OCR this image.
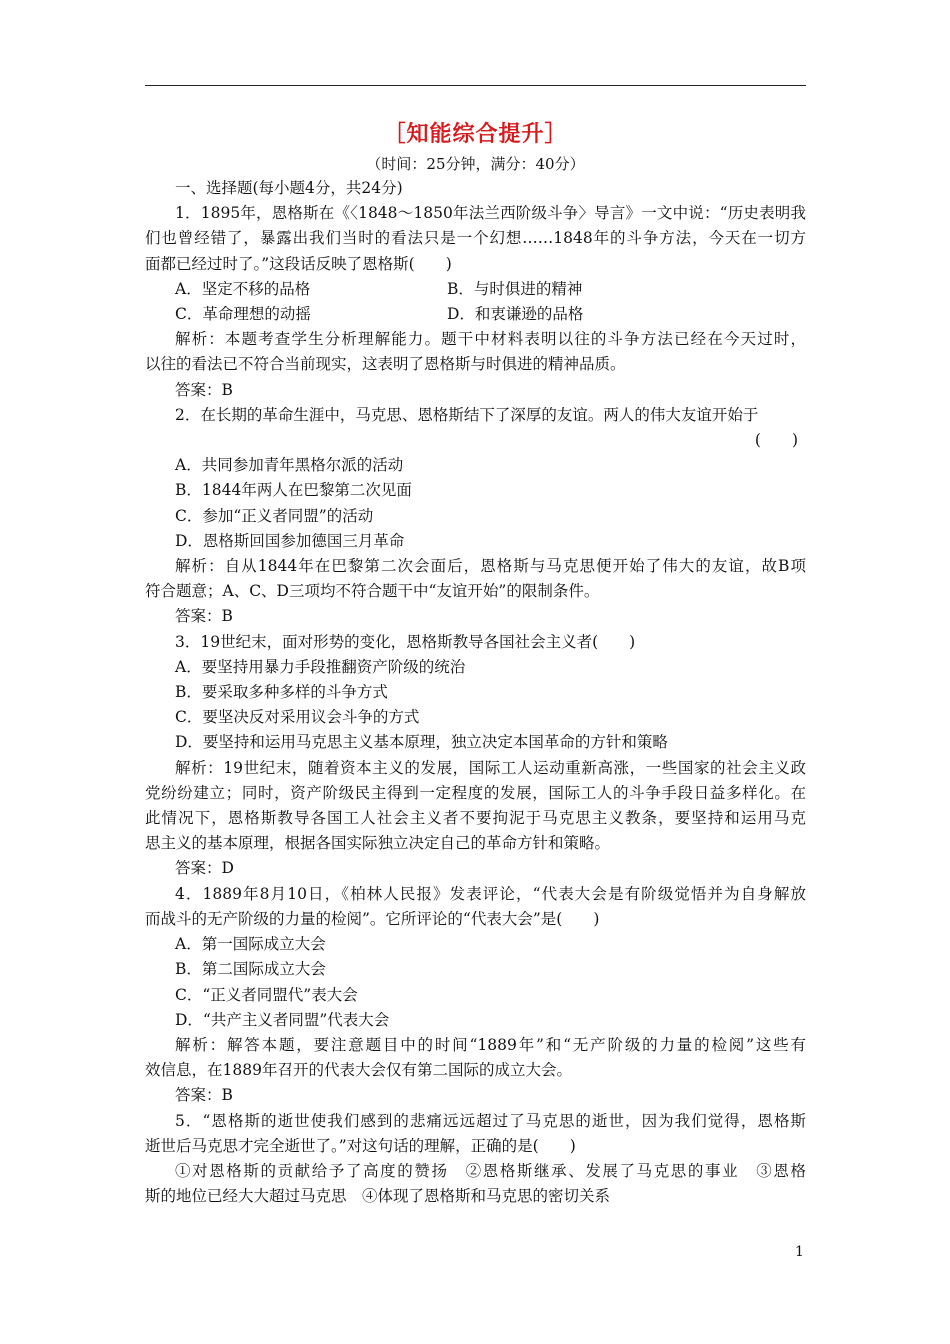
［知能综合提升］
（时间：25分钟，满分：40分）
一、选择题(每小题4分，共24分)
1．1895年，恩格斯在《〈1848～1850年法兰西阶级斗争〉导言》一文中说：“历史表明我
们也曾经错了，暴露出我们当时的看法只是一个幻想……1848年的斗争方法，今天在一切方
面都已经过时了。”这段话反映了恩格斯(　　)
A．坚定不移的品格	B．与时俱进的精神
C．革命理想的动摇	D．和衷谦逊的品格
解析：本题考查学生分析理解能力。题干中材料表明以往的斗争方法已经在今天过时，
以往的看法已不符合当前现实，这表明了恩格斯与时俱进的精神品质。
答案：B
2．在长期的革命生涯中，马克思、恩格斯结下了深厚的友谊。两人的伟大友谊开始于
(　　)
A．共同参加青年黑格尔派的活动
B．1844年两人在巴黎第二次见面
C．参加“正义者同盟”的活动
D．恩格斯回国参加德国三月革命
解析：自从1844年在巴黎第二次会面后，恩格斯与马克思便开始了伟大的友谊，故B项
符合题意；A、C、D三项均不符合题干中“友谊开始”的限制条件。
答案：B
3．19世纪末，面对形势的变化，恩格斯教导各国社会主义者(　　)
A．要坚持用暴力手段推翻资产阶级的统治
B．要采取多种多样的斗争方式
C．要坚决反对采用议会斗争的方式
D．要坚持和运用马克思主义基本原理，独立决定本国革命的方针和策略
解析：19世纪末，随着资本主义的发展，国际工人运动重新高涨，一些国家的社会主义政
党纷纷建立；同时，资产阶级民主得到一定程度的发展，国际工人的斗争手段日益多样化。在
此情况下，恩格斯教导各国工人社会主义者不要拘泥于马克思主义教条，要坚持和运用马克
思主义的基本原理，根据各国实际独立决定自己的革命方针和策略。
答案：D
4．1889年8月10日，《柏林人民报》发表评论，“代表大会是有阶级觉悟并为自身解放
而战斗的无产阶级的力量的检阅”。它所评论的“代表大会”是(　　)
A．第一国际成立大会
B．第二国际成立大会
C．“正义者同盟代”表大会
D．“共产主义者同盟”代表大会
解析：解答本题，要注意题目中的时间“1889年”和“无产阶级的力量的检阅”这些有
效信息，在1889年召开的代表大会仅有第二国际的成立大会。
答案：B
5．“恩格斯的逝世使我们感到的悲痛远远超过了马克思的逝世，因为我们觉得，恩格斯
逝世后马克思才完全逝世了。”对这句话的理解，正确的是(　　)
①对恩格斯的贡献给予了高度的赞扬　②恩格斯继承、发展了马克思的事业　③恩格
斯的地位已经大大超过马克思　④体现了恩格斯和马克思的密切关系
1
